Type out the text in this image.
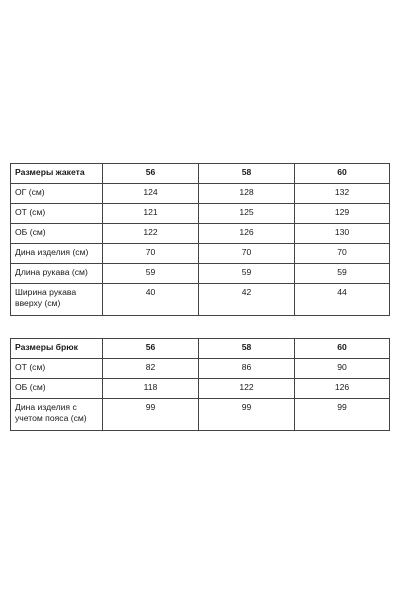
Размеры жакета	56	58	60
ОГ (см)	124	128	132
ОТ (см)	121	125	129
ОБ (см)	122	126	130
Дина изделия (см)	70	70	70
Длина рукава (см)	59	59	59
Ширина рукава вверху (см)	40	42	44
Размеры брюк	56	58	60
ОТ (см)	82	86	90
ОБ (см)	118	122	126
Дина изделия с учетом пояса (см)	99	99	99
